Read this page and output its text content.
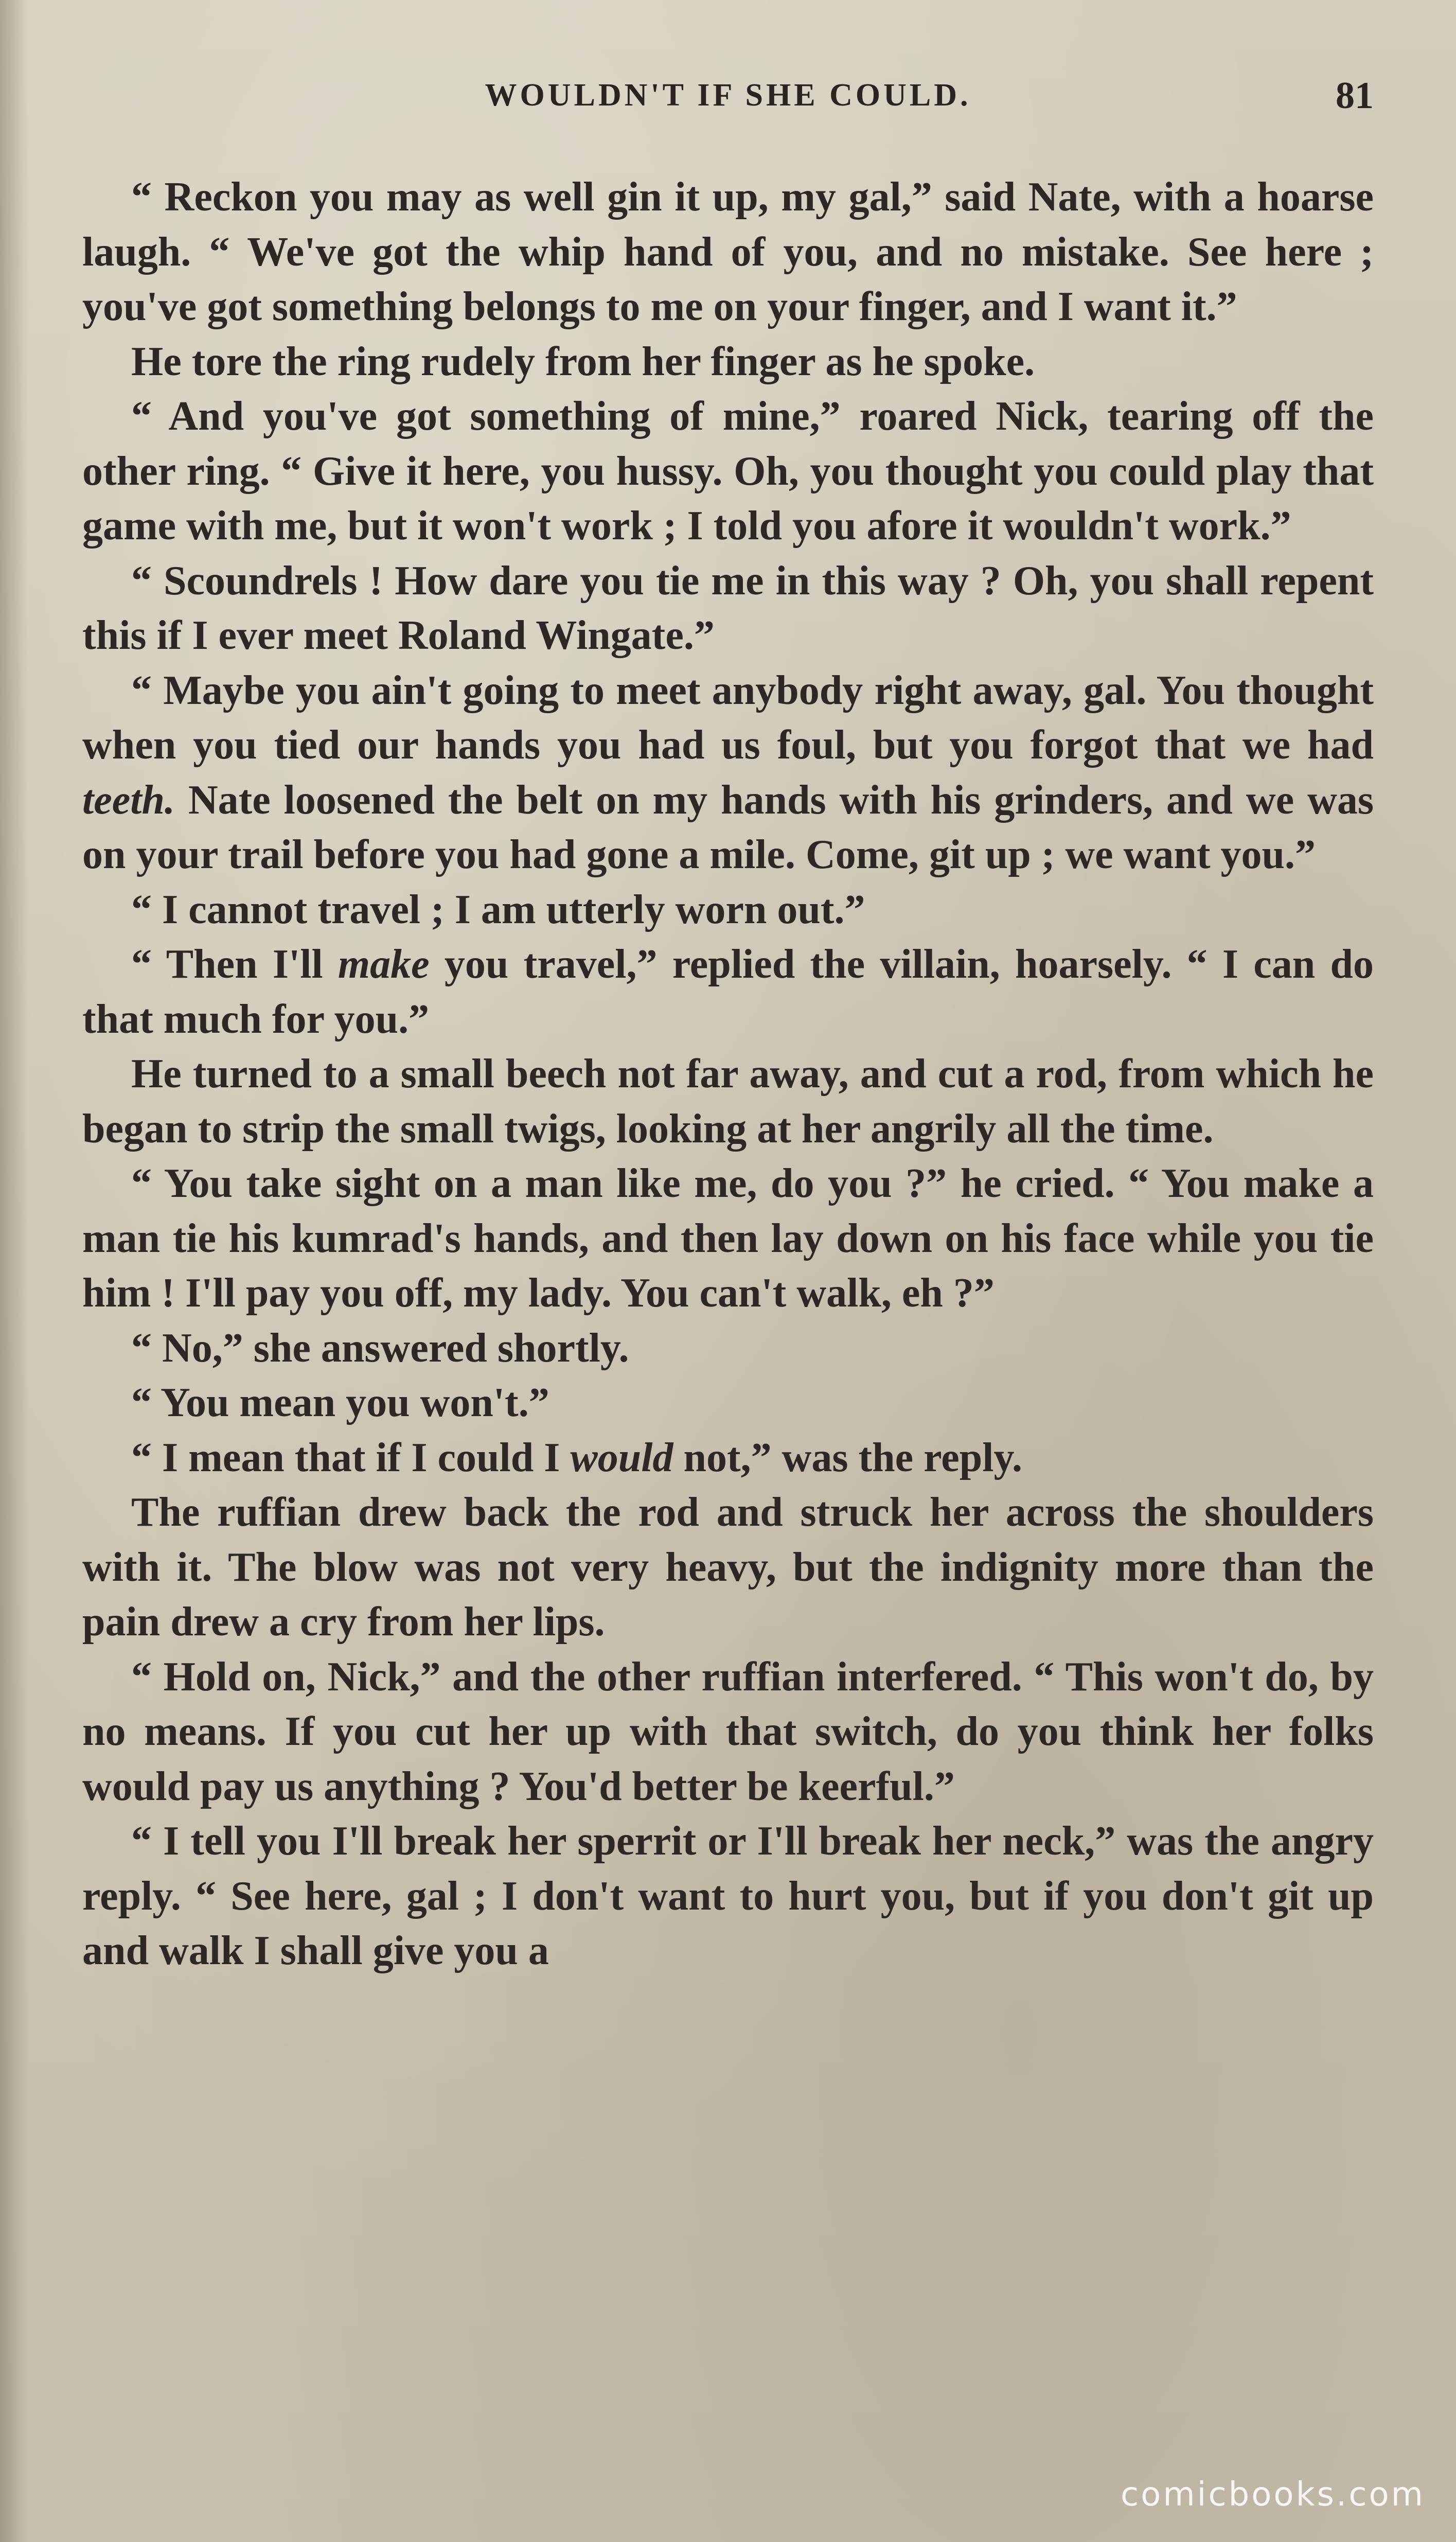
WOULDN'T IF SHE COULD.	81

“ Reckon you may as well gin it up, my gal,” said Nate, with a hoarse laugh. “ We've got the whip hand of you, and no mistake. See here ; you've got something belongs to me on your finger, and I want it.”

He tore the ring rudely from her finger as he spoke.

“ And you've got something of mine,” roared Nick, tearing off the other ring. “ Give it here, you hussy. Oh, you thought you could play that game with me, but it won't work ; I told you afore it wouldn't work.”

“ Scoundrels ! How dare you tie me in this way ? Oh, you shall repent this if I ever meet Roland Wingate.”

“ Maybe you ain't going to meet anybody right away, gal. You thought when you tied our hands you had us foul, but you forgot that we had teeth. Nate loosened the belt on my hands with his grinders, and we was on your trail before you had gone a mile. Come, git up ; we want you.”

“ I cannot travel ; I am utterly worn out.”

“ Then I'll make you travel,” replied the villain, hoarsely. “ I can do that much for you.”

He turned to a small beech not far away, and cut a rod, from which he began to strip the small twigs, looking at her angrily all the time.

“ You take sight on a man like me, do you ?” he cried. “ You make a man tie his kumrad's hands, and then lay down on his face while you tie him ! I'll pay you off, my lady. You can't walk, eh ?”

“ No,” she answered shortly.

“ You mean you won't.”

“ I mean that if I could I would not,” was the reply.

The ruffian drew back the rod and struck her across the shoulders with it. The blow was not very heavy, but the indignity more than the pain drew a cry from her lips.

“ Hold on, Nick,” and the other ruffian interfered. “ This won't do, by no means. If you cut her up with that switch, do you think her folks would pay us anything ? You'd better be keerful.”

“ I tell you I'll break her sperrit or I'll break her neck,” was the angry reply. “ See here, gal ; I don't want to hurt you, but if you don't git up and walk I shall give you a

comicbooks.com
